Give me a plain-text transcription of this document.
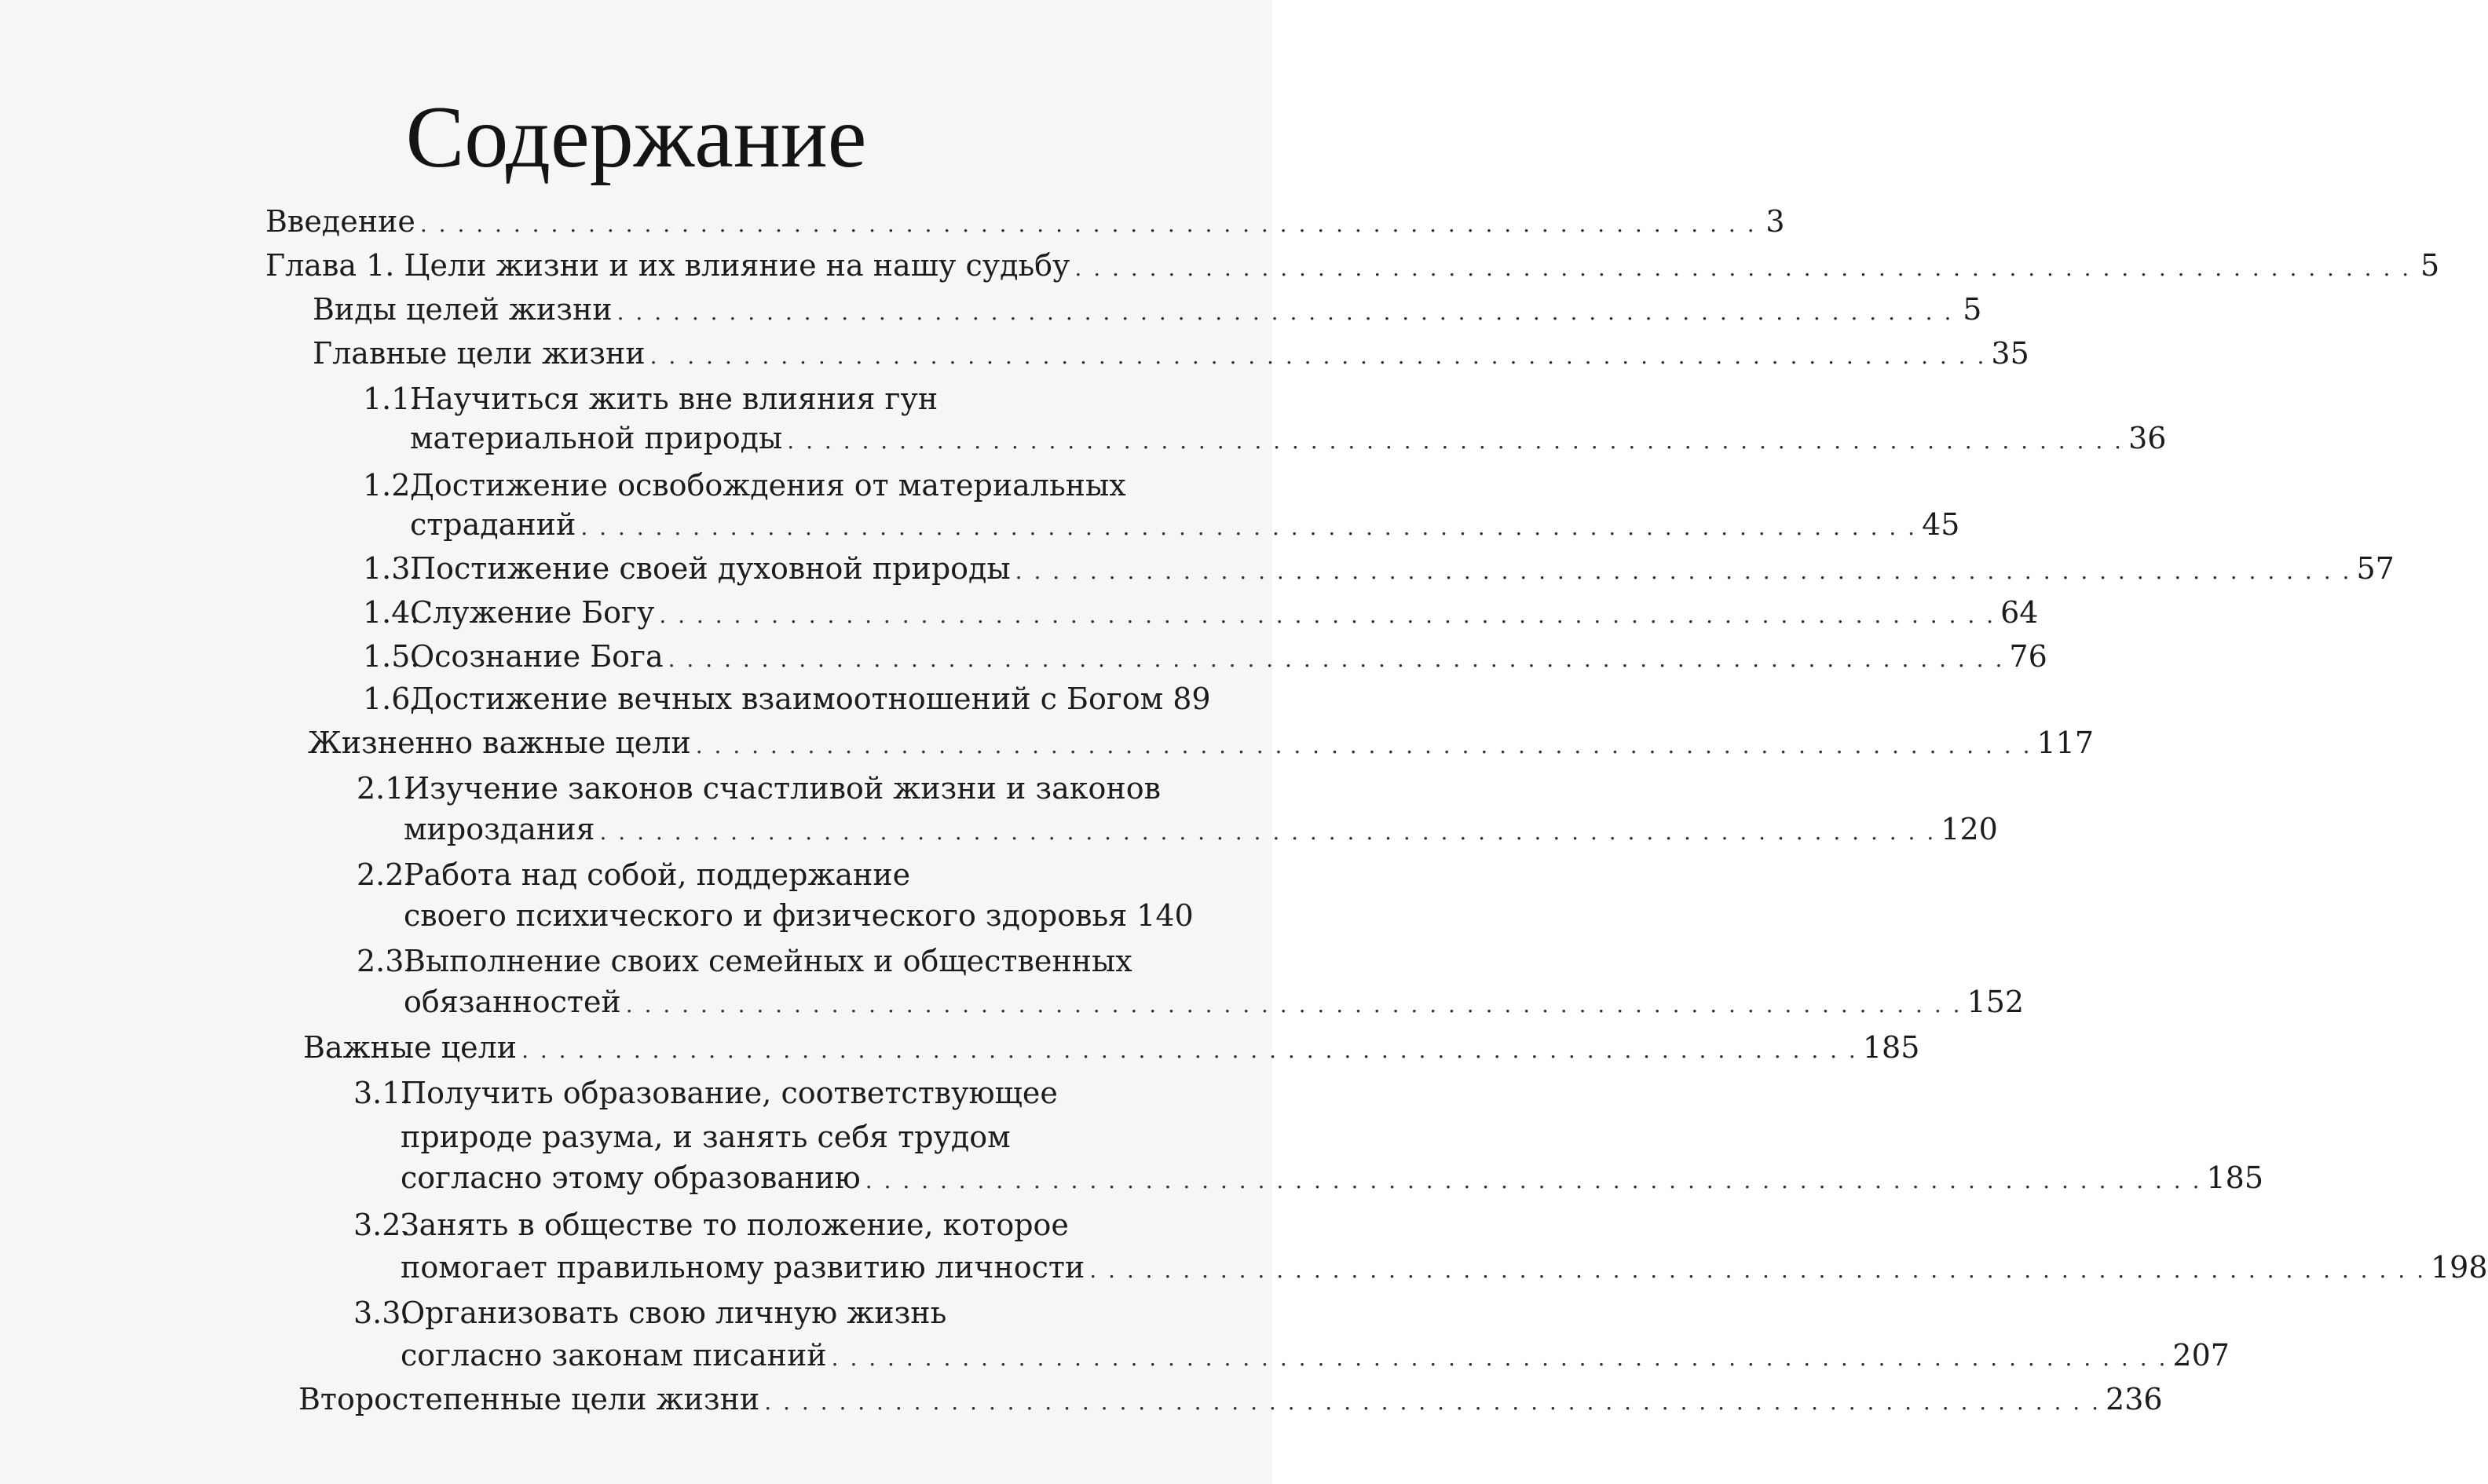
Содержание
Введение . . . . . . . . . . . . . . . . . . . . . . . . . . . . . . . . . . . . . . . . . . . . . . . . . . . . . . . . . . . . . . . . . . . . . . . . 3
Глава 1. Цели жизни и их влияние на нашу судьбу . . . . . . . . . . . . . . . . . . . . . . . . . . . . . . . . . . . . . . . . . . . . . . . . . . . . . . . . . . . . . . . . . . . . . . . . 5
Виды целей жизни . . . . . . . . . . . . . . . . . . . . . . . . . . . . . . . . . . . . . . . . . . . . . . . . . . . . . . . . . . . . . . . . . . . . . . . . 5
Главные цели жизни . . . . . . . . . . . . . . . . . . . . . . . . . . . . . . . . . . . . . . . . . . . . . . . . . . . . . . . . . . . . . . . . . . . . . . . . 35
1.1.Научиться жить вне влияния гун
материальной природы . . . . . . . . . . . . . . . . . . . . . . . . . . . . . . . . . . . . . . . . . . . . . . . . . . . . . . . . . . . . . . . . . . . . . . . . 36
1.2.Достижение освобождения от материальных
страданий . . . . . . . . . . . . . . . . . . . . . . . . . . . . . . . . . . . . . . . . . . . . . . . . . . . . . . . . . . . . . . . . . . . . . . . . 45
1.3.
Постижение своей духовной природы . . . . . . . . . . . . . . . . . . . . . . . . . . . . . . . . . . . . . . . . . . . . . . . . . . . . . . . . . . . . . . . . . . . . . . . . 57
1.4.
Служение Богу . . . . . . . . . . . . . . . . . . . . . . . . . . . . . . . . . . . . . . . . . . . . . . . . . . . . . . . . . . . . . . . . . . . . . . . . 64
1.5.
Осознание Бога . . . . . . . . . . . . . . . . . . . . . . . . . . . . . . . . . . . . . . . . . . . . . . . . . . . . . . . . . . . . . . . . . . . . . . . . 76
1.6.
Достижение вечных взаимоотношений с Богом 89
Жизненно важные цели . . . . . . . . . . . . . . . . . . . . . . . . . . . . . . . . . . . . . . . . . . . . . . . . . . . . . . . . . . . . . . . . . . . . . . . . 117
2.1.Изучение законов счастливой жизни и законов
мироздания . . . . . . . . . . . . . . . . . . . . . . . . . . . . . . . . . . . . . . . . . . . . . . . . . . . . . . . . . . . . . . . . . . . . . . . . 120
2.2.Работа над собой, поддержание
своего психического и физического здоровья 140
2.3.Выполнение своих семейных и общественных
обязанностей . . . . . . . . . . . . . . . . . . . . . . . . . . . . . . . . . . . . . . . . . . . . . . . . . . . . . . . . . . . . . . . . . . . . . . . . 152
Важные цели . . . . . . . . . . . . . . . . . . . . . . . . . . . . . . . . . . . . . . . . . . . . . . . . . . . . . . . . . . . . . . . . . . . . . . . . 185
3.1.Получить образование, соответствующее
природе разума, и занять себя трудом
согласно этому образованию . . . . . . . . . . . . . . . . . . . . . . . . . . . . . . . . . . . . . . . . . . . . . . . . . . . . . . . . . . . . . . . . . . . . . . . . 185
3.2.Занять в обществе то положение, которое
помогает правильному развитию личности . . . . . . . . . . . . . . . . . . . . . . . . . . . . . . . . . . . . . . . . . . . . . . . . . . . . . . . . . . . . . . . . . . . . . . . . 198
3.3.Организовать свою личную жизнь
согласно законам писаний . . . . . . . . . . . . . . . . . . . . . . . . . . . . . . . . . . . . . . . . . . . . . . . . . . . . . . . . . . . . . . . . . . . . . . . . 207
Второстепенные цели жизни . . . . . . . . . . . . . . . . . . . . . . . . . . . . . . . . . . . . . . . . . . . . . . . . . . . . . . . . . . . . . . . . . . . . . . . . 236
